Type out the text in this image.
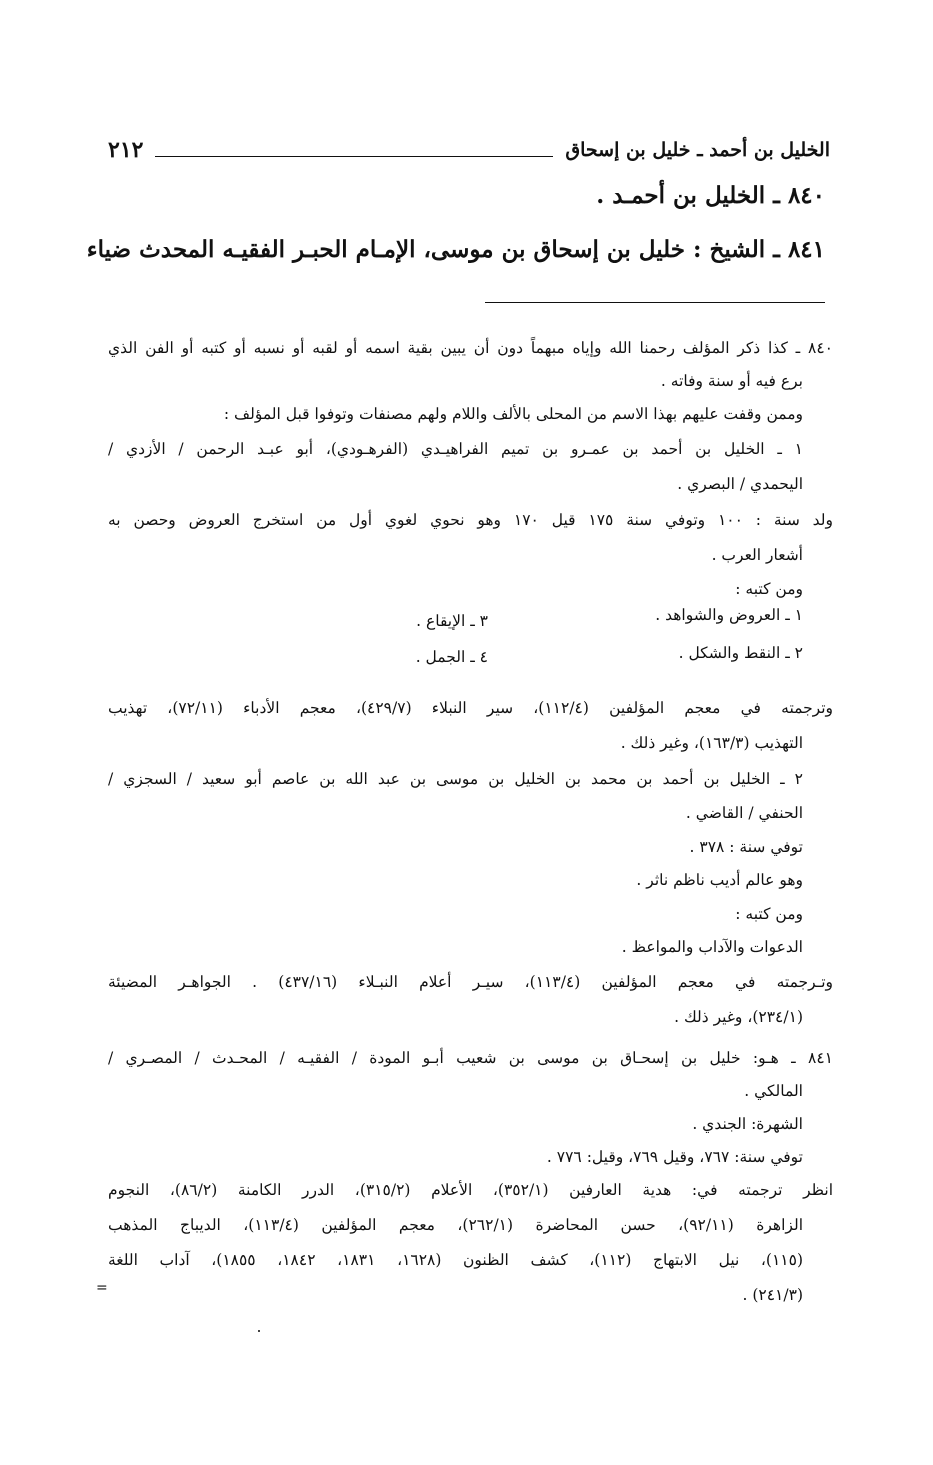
الخليل بن أحمد ـ خليل بن إسحاق
٢١٢
٨٤٠ ـ الخليل بن أحمـد .
٨٤١ ـ الشيخ : خليل بن إسحاق بن موسى، الإمـام الحبـر الفقيـه المحدث ضياء
٨٤٠ ـ كذا ذكر المؤلف رحمنا الله وإياه مبهماً دون أن يبين بقية اسمه أو لقبه أو نسبه أو كتبه أو الفن الذي
برع فيه أو سنة وفاته .
وممن وقفت عليهم بهذا الاسم من المحلى بالألف واللام ولهم مصنفات وتوفوا قبل المؤلف :
١ ـ الخليل بن أحمد بن عمـرو بن تميم الفراهيـدي (الفرهـودي)، أبو عبـد الرحمن / الأزدي /
اليحمدي / البصري .
ولد سنة : ١٠٠ وتوفي سنة ١٧٥ قيل ١٧٠ وهو نحوي لغوي أول من استخرج العروض وحصن به
أشعار العرب .
ومن كتبه :
١ ـ العروض والشواهد .
٣ ـ الإيقاع .
٢ ـ النقط والشكل .
٤ ـ الجمل .
وترجمته في معجم المؤلفين (١١٢/٤)، سير النبلاء (٤٢٩/٧)، معجم الأدباء (٧٢/١١)، تهذيب
التهذيب (١٦٣/٣)، وغير ذلك .
٢ ـ الخليل بن أحمد بن محمد بن الخليل بن موسى بن عبد الله بن عاصم أبو سعيد / السجزي /
الحنفي / القاضي .
توفي سنة : ٣٧٨ .
وهو عالم أديب ناظم ناثر .
ومن كتبه :
الدعوات والآداب والمواعظ .
وتـرجمته في معجم المؤلفين (١١٣/٤)، سيـر أعلام النبـلاء (٤٣٧/١٦) . الجواهـر المضيئة
(٢٣٤/١)، وغير ذلك .
٨٤١ ـ هـو: خليل بن إسحـاق بن موسى بن شعيب أبـو المودة / الفقيـه / المحـدث / المصـري /
المالكي .
الشهرة: الجندي .
توفي سنة: ٧٦٧، وقيل ٧٦٩، وقيل: ٧٧٦ .
انظر ترجمته في: هدية العارفين (٣٥٢/١)، الأعلام (٣١٥/٢)، الدرر الكامنة (٨٦/٢)، النجوم
الزاهرة (٩٢/١١)، حسن المحاضرة (٢٦٢/١)، معجم المؤلفين (١١٣/٤)، الديباج المذهب
(١١٥)، نيل الابتهاج (١١٢)، كشف الظنون (١٦٢٨، ١٨٣١، ١٨٤٢، ١٨٥٥)، آداب اللغة
(٢٤١/٣) .
=
